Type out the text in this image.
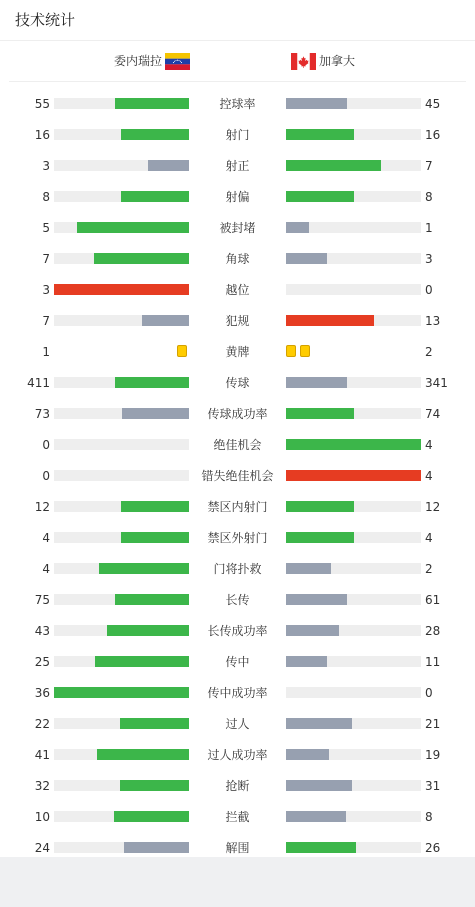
技术统计
委内瑞拉	加拿大
55	控球率	45
16	射门	16
3	射正	7
8	射偏	8
5	被封堵	1
7	角球	3
3	越位	0
7	犯规	13
1	黄牌	2
411	传球	341
73	传球成功率	74
0	绝佳机会	4
0	错失绝佳机会	4
12	禁区内射门	12
4	禁区外射门	4
4	门将扑救	2
75	长传	61
43	长传成功率	28
25	传中	11
36	传中成功率	0
22	过人	21
41	过人成功率	19
32	抢断	31
10	拦截	8
24	解围	26
